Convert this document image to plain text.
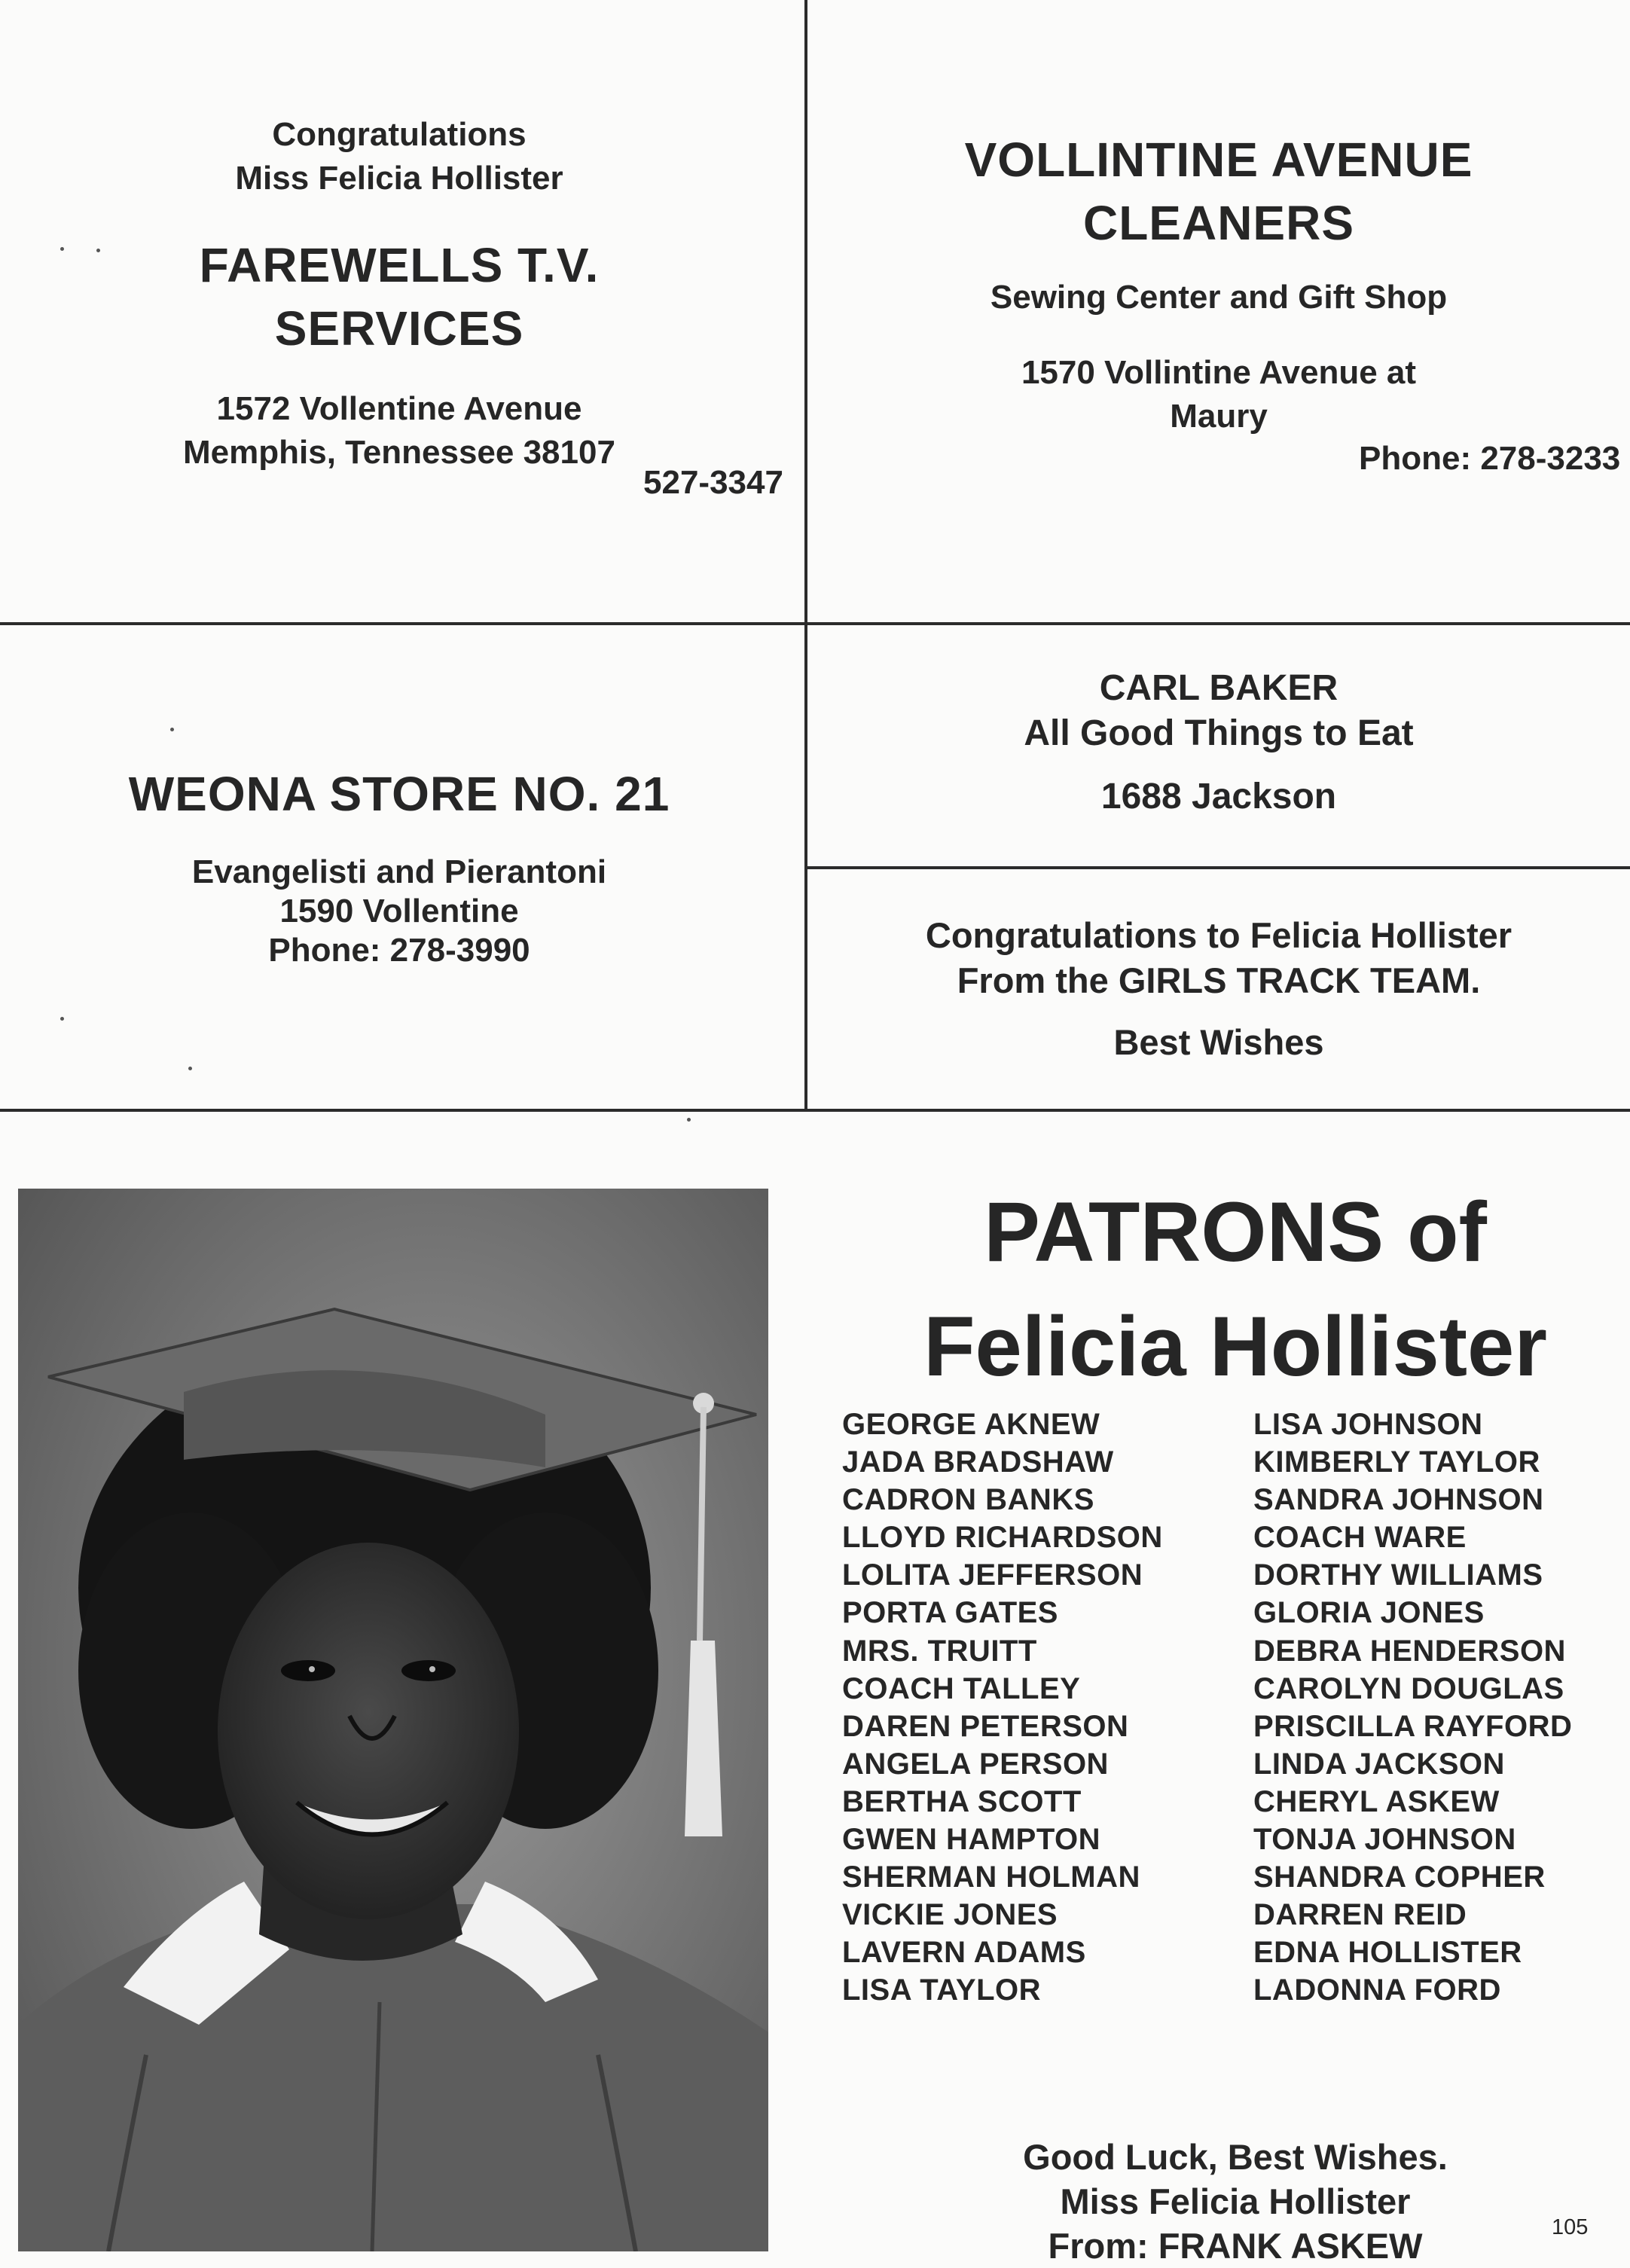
Congratulations
Miss Felicia Hollister
FAREWELLS T.V.
SERVICES
1572 Vollentine Avenue
Memphis, Tennessee 38107
527-3347
VOLLINTINE AVENUE
CLEANERS
Sewing Center and Gift Shop
1570 Vollintine Avenue at
Maury
Phone: 278-3233
WEONA STORE NO. 21
Evangelisti and Pierantoni
1590 Vollentine
Phone: 278-3990
CARL BAKER
All Good Things to Eat
1688 Jackson
Congratulations to Felicia Hollister
From the GIRLS TRACK TEAM.
Best Wishes
PATRONS of
Felicia Hollister
GEORGE AKNEW
JADA BRADSHAW
CADRON BANKS
LLOYD RICHARDSON
LOLITA JEFFERSON
PORTA GATES
MRS. TRUITT
COACH TALLEY
DAREN PETERSON
ANGELA PERSON
BERTHA SCOTT
GWEN HAMPTON
SHERMAN HOLMAN
VICKIE JONES
LAVERN ADAMS
LISA TAYLOR
LISA JOHNSON
KIMBERLY TAYLOR
SANDRA JOHNSON
COACH WARE
DORTHY WILLIAMS
GLORIA JONES
DEBRA HENDERSON
CAROLYN DOUGLAS
PRISCILLA RAYFORD
LINDA JACKSON
CHERYL ASKEW
TONJA JOHNSON
SHANDRA COPHER
DARREN REID
EDNA HOLLISTER
LADONNA FORD
Good Luck, Best Wishes.
Miss Felicia Hollister
From: FRANK ASKEW	105
